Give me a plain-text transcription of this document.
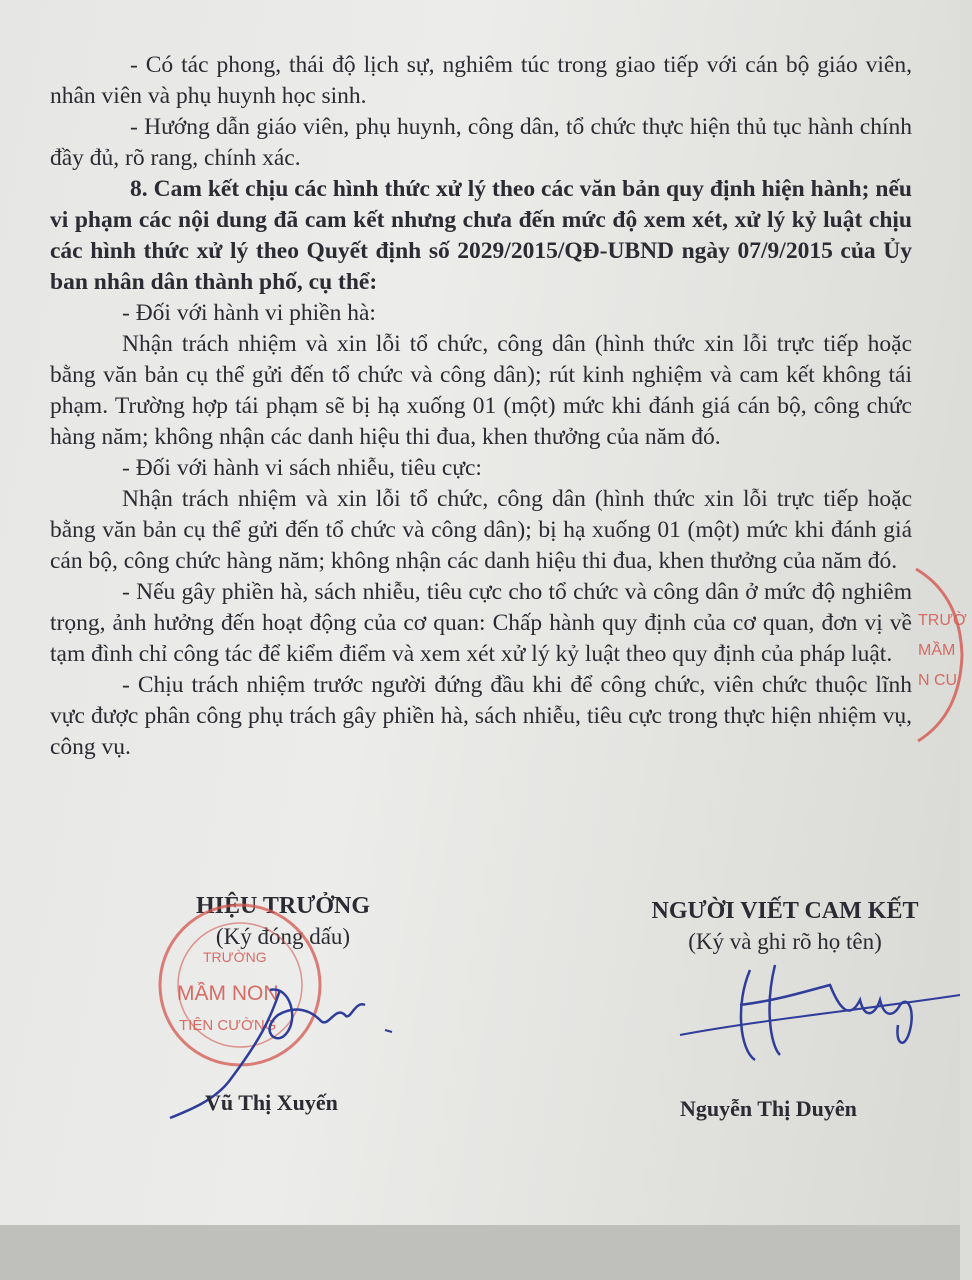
- Có tác phong, thái độ lịch sự, nghiêm túc trong giao tiếp với cán bộ giáo viên, nhân viên và phụ huynh học sinh.

- Hướng dẫn giáo viên, phụ huynh, công dân, tổ chức thực hiện thủ tục hành chính đầy đủ, rõ rang, chính xác.

8. Cam kết chịu các hình thức xử lý theo các văn bản quy định hiện hành; nếu vi phạm các nội dung đã cam kết nhưng chưa đến mức độ xem xét, xử lý kỷ luật chịu các hình thức xử lý theo Quyết định số 2029/2015/QĐ-UBND ngày 07/9/2015 của Ủy ban nhân dân thành phố, cụ thể:

- Đối với hành vi phiền hà:

Nhận trách nhiệm và xin lỗi tổ chức, công dân (hình thức xin lỗi trực tiếp hoặc bằng văn bản cụ thể gửi đến tổ chức và công dân); rút kinh nghiệm và cam kết không tái phạm. Trường hợp tái phạm sẽ bị hạ xuống 01 (một) mức khi đánh giá cán bộ, công chức hàng năm; không nhận các danh hiệu thi đua, khen thưởng của năm đó.

- Đối với hành vi sách nhiễu, tiêu cực:

Nhận trách nhiệm và xin lỗi tổ chức, công dân (hình thức xin lỗi trực tiếp hoặc bằng văn bản cụ thể gửi đến tổ chức và công dân); bị hạ xuống 01 (một) mức khi đánh giá cán bộ, công chức hàng năm; không nhận các danh hiệu thi đua, khen thưởng của năm đó.

- Nếu gây phiền hà, sách nhiễu, tiêu cực cho tổ chức và công dân ở mức độ nghiêm trọng, ảnh hưởng đến hoạt động của cơ quan: Chấp hành quy định của cơ quan, đơn vị về tạm đình chỉ công tác để kiểm điểm và xem xét xử lý kỷ luật theo quy định của pháp luật.

- Chịu trách nhiệm trước người đứng đầu khi để công chức, viên chức thuộc lĩnh vực được phân công phụ trách gây phiền hà, sách nhiễu, tiêu cực trong thực hiện nhiệm vụ, công vụ.

TRƯỜ
MẦM
N CU
HIỆU TRƯỞNG
(Ký đóng dấu)
TRƯỜNG
MẦM NON
TIÊN CƯỜNG
Vũ Thị Xuyến
NGƯỜI VIẾT CAM KẾT
(Ký và ghi rõ họ tên)
Nguyễn Thị Duyên
